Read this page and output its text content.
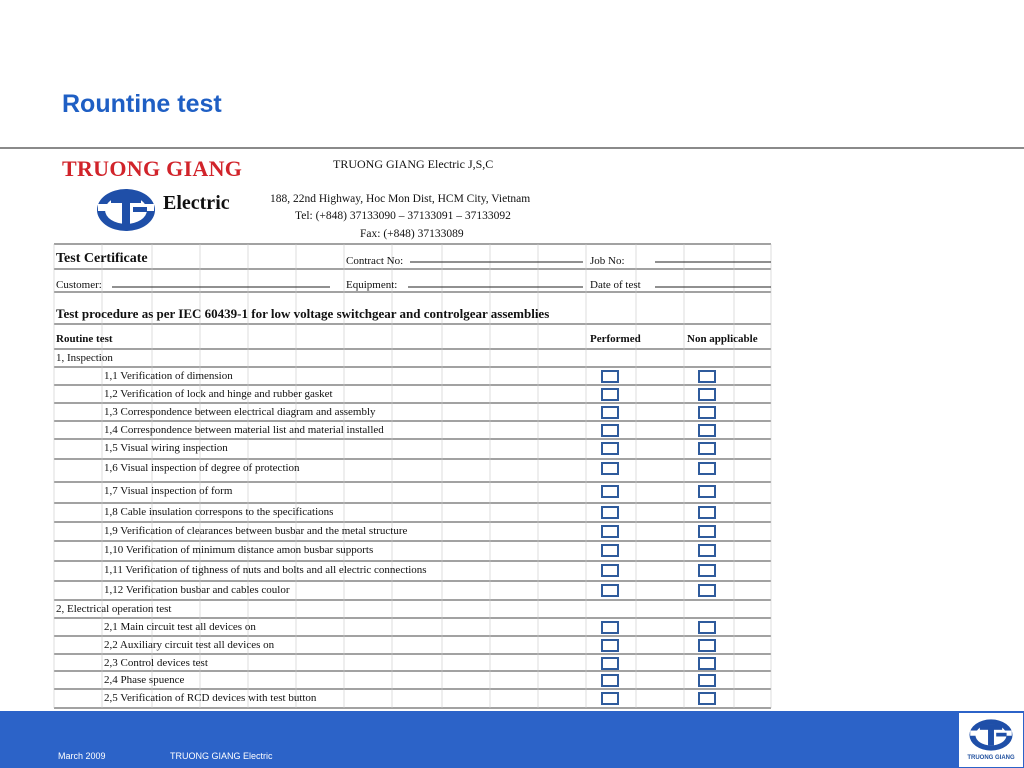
Rountine test
TRUONG GIANG
Electric
TRUONG GIANG Electric J,S,C
188, 22nd Highway, Hoc Mon Dist, HCM City, Vietnam
Tel: (+848) 37133090 – 37133091 – 37133092
Fax: (+848) 37133089
Test Certificate	Contract No:	Job No:
Customer:	Equipment:	Date of test
Test procedure as per IEC 60439-1 for low voltage switchgear and controlgear assemblies
Routine test	Performed	Non applicable
1, Inspection
1,1 Verification of dimension
1,2 Verification of lock and hinge and rubber gasket
1,3 Correspondence between electrical diagram and assembly
1,4 Correspondence between material list and material installed
1,5 Visual wiring inspection
1,6 Visual inspection of degree of protection
1,7 Visual inspection of form
1,8 Cable insulation correspons to the specifications
1,9 Verification of clearances between busbar and the metal structure
1,10 Verification of minimum distance amon busbar supports
1,11 Verification of tighness of nuts and bolts and all electric connections
1,12 Verification busbar and cables coulor
2, Electrical operation test
2,1 Main circuit test all devices on
2,2 Auxiliary circuit test all devices on
2,3 Control devices test
2,4 Phase spuence
2,5 Verification of RCD devices with test button
March 2009	TRUONG GIANG Electric	TRUONG GIANG
